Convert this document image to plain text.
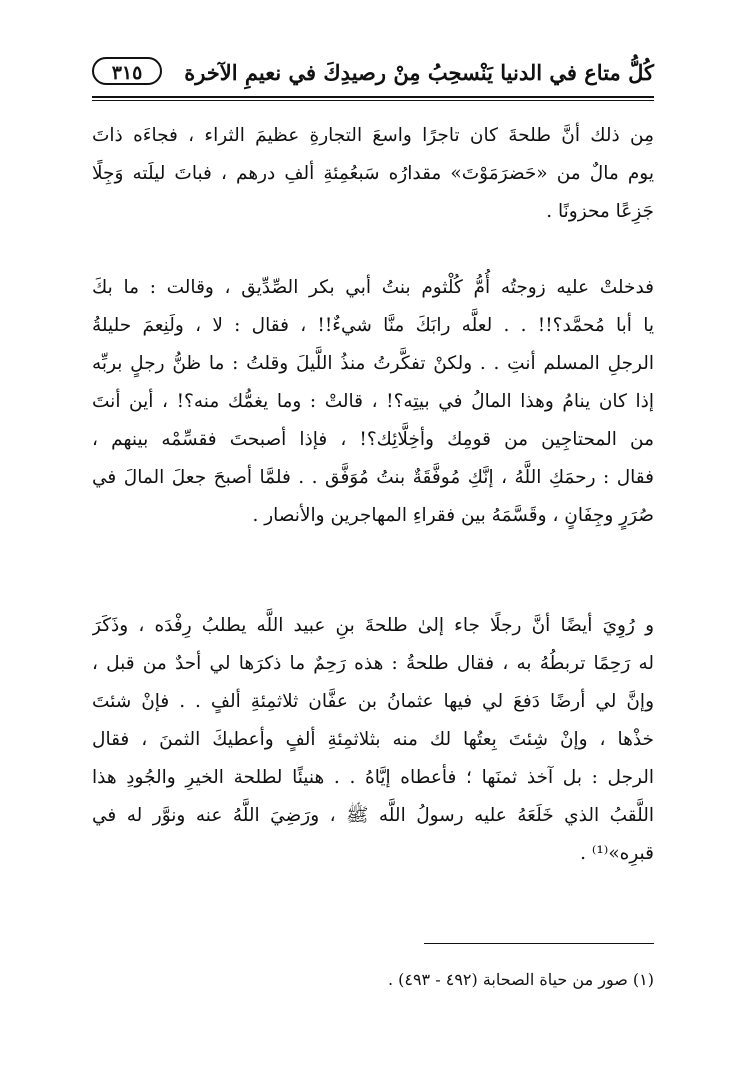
كُلُّ متاع في الدنيا يَنْسحِبُ مِنْ رصيدِكَ في نعيمِ الآخرة
٣١٥
مِن ذلك أنَّ طلحةَ كان تاجرًا واسعَ التجارةِ عظيمَ الثراء ، فجاءَه ذاتَ
يوم مالٌ من «حَضرَمَوْتَ» مقدارُه سَبعُمِئةِ ألفِ درهم ، فباتَ ليلَته وَجِلًا
جَزِعًا محزونًا .
فدخلتْ عليه زوجتُه أُمُّ كُلْثوم بنتُ أبي بكر الصِّدِّيق ، وقالت : ما بكَ
يا أبا مُحمَّد؟!! . . لعلَّه رابَكَ منَّا شيءٌ!! ، فقال : لا ، ولَنِعمَ حليلةُ
الرجلِ المسلم أنتِ . . ولكنْ تفكَّرتُ منذُ اللَّيلَ وقلتُ : ما ظنُّ رجلٍ بربِّه
إذا كان ينامُ وهذا المالُ في بيتِه؟! ، قالتْ : وما يغمُّك منه؟! ، أين أنتَ
من المحتاجِين من قومِك وأخِلَّائِك؟! ، فإذا أصبحتَ فقسِّمْه بينهم ،
فقال : رحمَكِ اللَّهُ ، إنَّكِ مُوفَّقَةٌ بنتُ مُوَفَّق . . فلمَّا أصبحَ جعلَ المالَ في
صُرَرٍ وجِفَانٍ ، وقَسَّمَهُ بين فقراءِ المهاجرين والأنصار .
و رُوِيَ أيضًا أنَّ رجلًا جاء إلىٰ طلحةَ بنِ عبيد اللَّه يطلبُ رِفْدَه ، وذَكَرَ
له رَحِمًا تربطُهُ به ، فقال طلحةُ : هذه رَحِمٌ ما ذكرَها لي أحدٌ من قبل ،
وإنَّ لي أرضًا دَفعَ لي فيها عثمانُ بن عفَّان ثلاثمِئةِ ألفٍ . . فإنْ شئتَ
خذْها ، وإنْ شِئتَ بِعتُها لك منه بثلاثمِئةِ ألفٍ وأعطيكَ الثمنَ ، فقال
الرجل : بل آخذ ثمنَها ؛ فأعطاه إيَّاهُ . . هنيئًا لطلحة الخيرِ والجُودِ هذا
اللَّقبُ الذي خَلَعَهُ عليه رسولُ اللَّه ﷺ ، ورَضِيَ اللَّهُ عنه ونوَّر له في
قبرِه»⁽¹⁾ .
(١) صور من حياة الصحابة (٤٩٢ - ٤٩٣) .
